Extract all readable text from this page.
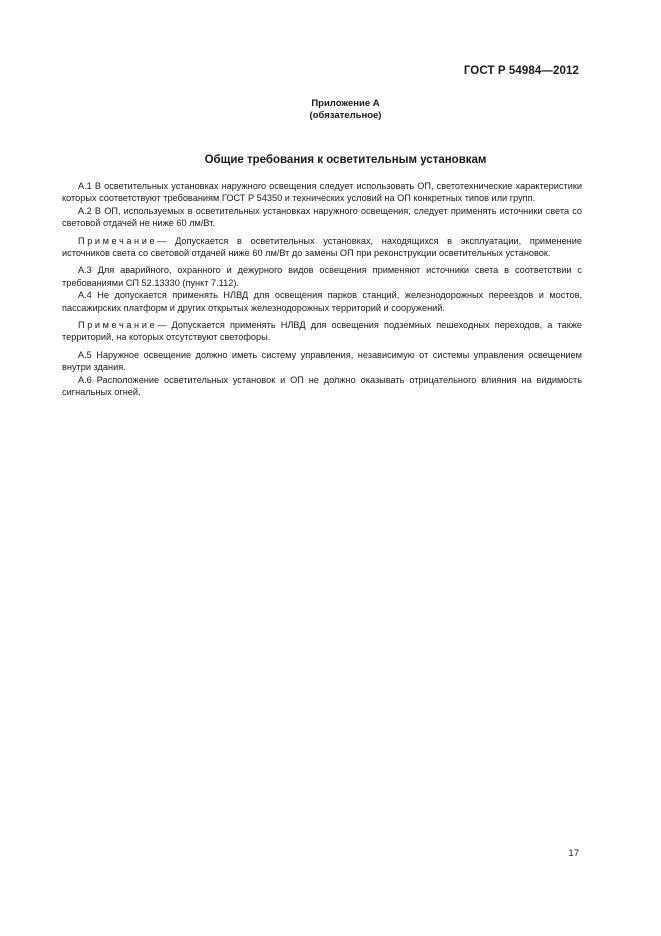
ГОСТ Р 54984—2012
Приложение А
(обязательное)
Общие требования к осветительным установкам

А.1 В осветительных установках наружного освещения следует использовать ОП, светотехнические характеристики которых соответствуют требованиям ГОСТ Р 54350 и технических условий на ОП конкретных типов или групп.

А.2 В ОП, используемых в осветительных установках наружного освещения, следует применять источники света со световой отдачей не ниже 60 лм/Вт.

Примечание— Допускается в осветительных установках, находящихся в эксплуатации, применение источников света со световой отдачей ниже 60 лм/Вт до замены ОП при реконструкции осветительных установок.

А.3 Для аварийного, охранного и дежурного видов освещения применяют источники света в соответствии с требованиями СП 52.13330 (пункт 7.112).

А.4 Не допускается применять НЛВД для освещения парков станций, железнодорожных переездов и мостов, пассажирских платформ и других открытых железнодорожных территорий и сооружений.

Примечание— Допускается применять НЛВД для освещения подземных пешеходных переходов, а также территорий, на которых отсутствуют светофоры.

А.5 Наружное освещение должно иметь систему управления, независимую от системы управления освещением внутри здания.

А.6 Расположение осветительных установок и ОП не должно оказывать отрицательного влияния на видимость сигнальных огней.

17
